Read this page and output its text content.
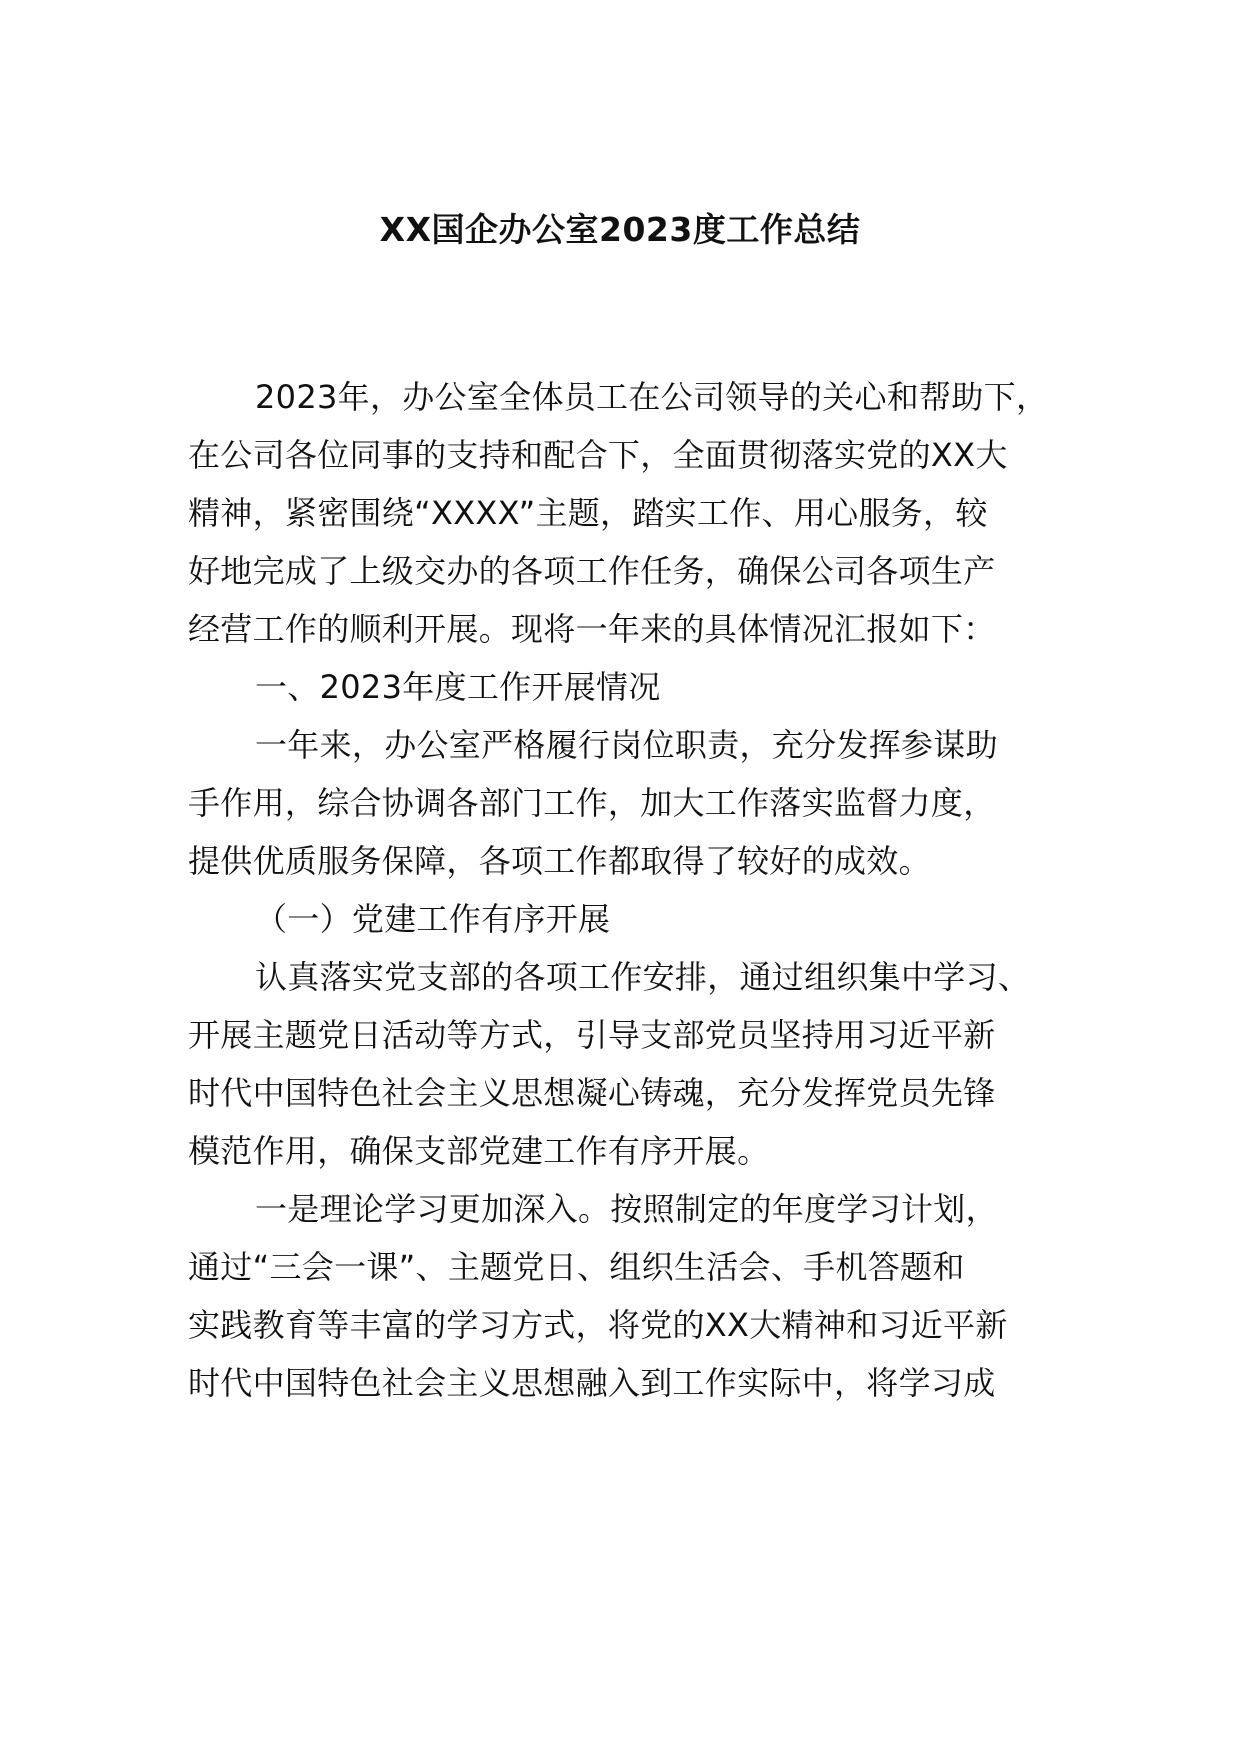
XX国企办公室2023度工作总结
2023年，办公室全体员工在公司领导的关心和帮助下，
在公司各位同事的支持和配合下，全面贯彻落实党的XX大
精神，紧密围绕“XXXX”主题，踏实工作、用心服务，较
好地完成了上级交办的各项工作任务，确保公司各项生产
经营工作的顺利开展。现将一年来的具体情况汇报如下：
一、2023年度工作开展情况
一年来，办公室严格履行岗位职责，充分发挥参谋助
手作用，综合协调各部门工作，加大工作落实监督力度，
提供优质服务保障，各项工作都取得了较好的成效。
（一）党建工作有序开展
认真落实党支部的各项工作安排，通过组织集中学习、
开展主题党日活动等方式，引导支部党员坚持用习近平新
时代中国特色社会主义思想凝心铸魂，充分发挥党员先锋
模范作用，确保支部党建工作有序开展。
一是理论学习更加深入。按照制定的年度学习计划，
通过“三会一课”、主题党日、组织生活会、手机答题和
实践教育等丰富的学习方式，将党的XX大精神和习近平新
时代中国特色社会主义思想融入到工作实际中，将学习成
